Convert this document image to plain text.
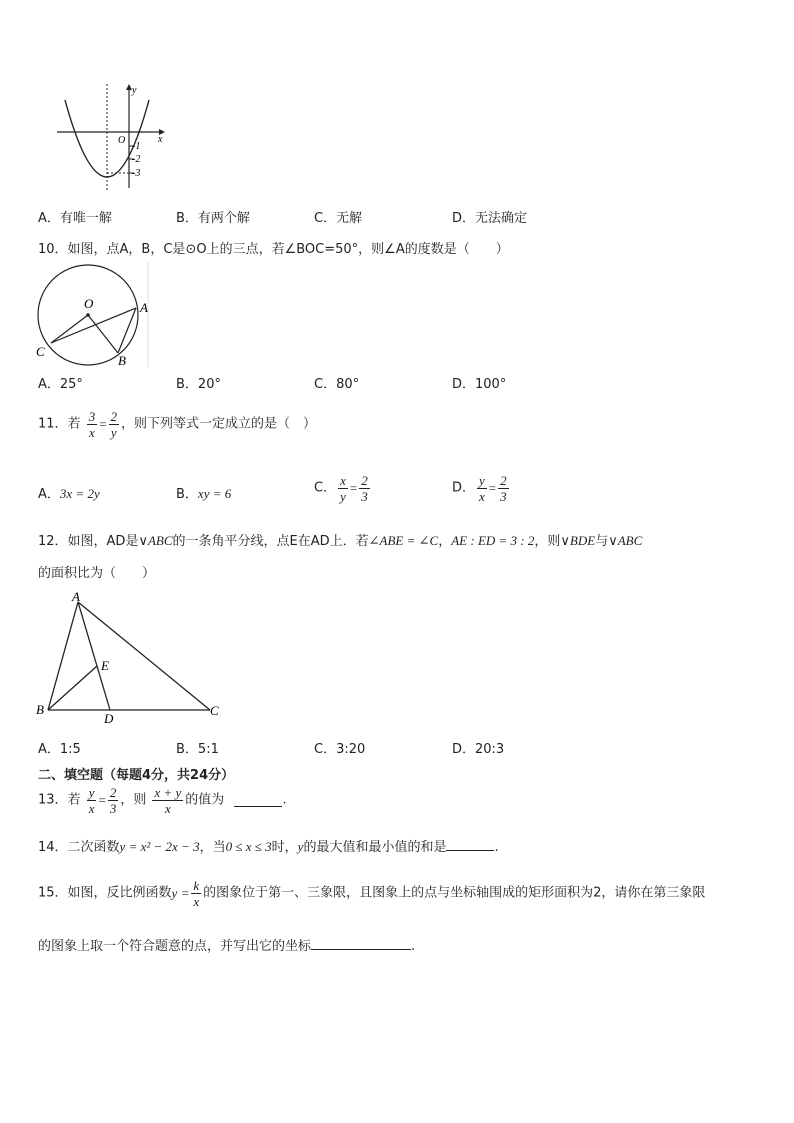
y
x
O
-1
-2
-3
A．有唯一解	B．有两个解	C．无解	D．无法确定
10．如图，点A，B，C是⊙O上的三点，若∠BOC=50°，则∠A的度数是（　　）
O	A
B
C
A．25°	B．20°	C．80°	D．100°
11．若 $\frac{3}{x} = \frac{2}{y}$ ，则下列等式一定成立的是（　）
A．3x = 2y	B．xy = 6	C． $\frac{x}{y} = \frac{2}{3}$	D． $\frac{y}{x} = \frac{2}{3}$
12．如图，AD是∨ABC的一条角平分线，点E在AD上．若∠ABE = ∠C，AE : ED = 3 : 2，则∨BDE与∨ABC
的面积比为（　　）
A
B	C
D
E
A．1:5	B．5:1	C．3:20	D．20:3
二、填空题（每题4分，共24分）
13．若 $\frac{y}{x} = \frac{2}{3}$ ，则 $\frac{x + y}{x}$ 的值为	.
14．二次函数y = x² − 2x − 3，当0 ≤ x ≤ 3时，y的最大值和最小值的和是	.
15．如图，反比例函数$y = \frac{k}{x}$ 的图象位于第一、三象限，且图象上的点与坐标轴围成的矩形面积为2，请你在第三象限
的图象上取一个符合题意的点，并写出它的坐标	.
